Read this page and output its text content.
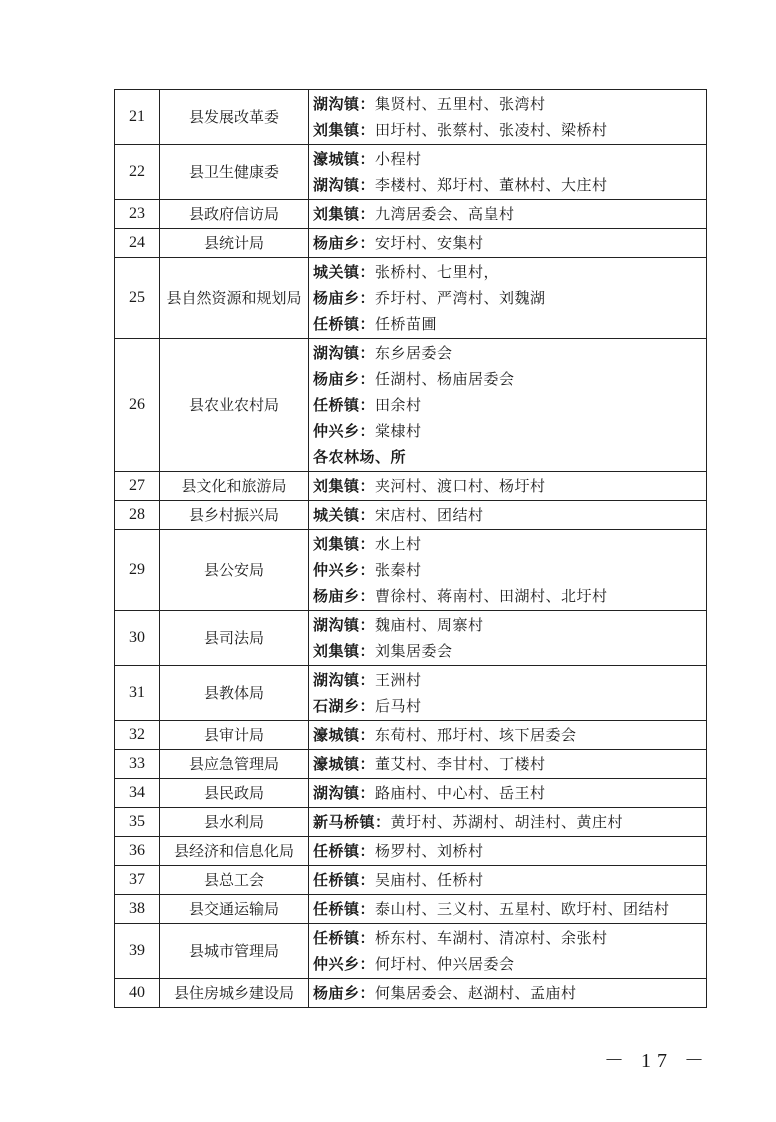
21	县发展改革委	湖沟镇：集贤村、五里村、张湾村
刘集镇：田圩村、张蔡村、张凌村、梁桥村

22	县卫生健康委	濠城镇：小程村
湖沟镇：李楼村、郑圩村、董林村、大庄村

23	县政府信访局	刘集镇：九湾居委会、高皇村

24	县统计局	杨庙乡：安圩村、安集村

25	县自然资源和规划局	城关镇：张桥村、七里村，
杨庙乡：乔圩村、严湾村、刘魏湖
任桥镇：任桥苗圃

26	县农业农村局	湖沟镇：东乡居委会
杨庙乡：任湖村、杨庙居委会
任桥镇：田余村
仲兴乡：棠棣村
各农林场、所

27	县文化和旅游局	刘集镇：夹河村、渡口村、杨圩村

28	县乡村振兴局	城关镇：宋店村、团结村

29	县公安局	刘集镇：水上村
仲兴乡：张秦村
杨庙乡：曹徐村、蒋南村、田湖村、北圩村

30	县司法局	湖沟镇：魏庙村、周寨村
刘集镇：刘集居委会

31	县教体局	湖沟镇：王洲村
石湖乡：后马村

32	县审计局	濠城镇：东荀村、邢圩村、垓下居委会

33	县应急管理局	濠城镇：董艾村、李甘村、丁楼村

34	县民政局	湖沟镇：路庙村、中心村、岳王村

35	县水利局	新马桥镇：黄圩村、苏湖村、胡洼村、黄庄村

36	县经济和信息化局	任桥镇：杨罗村、刘桥村

37	县总工会	任桥镇：吴庙村、任桥村

38	县交通运输局	任桥镇：泰山村、三义村、五星村、欧圩村、团结村

39	县城市管理局	任桥镇：桥东村、车湖村、清凉村、余张村
仲兴乡：何圩村、仲兴居委会

40	县住房城乡建设局	杨庙乡：何集居委会、赵湖村、孟庙村
－ 17 －
